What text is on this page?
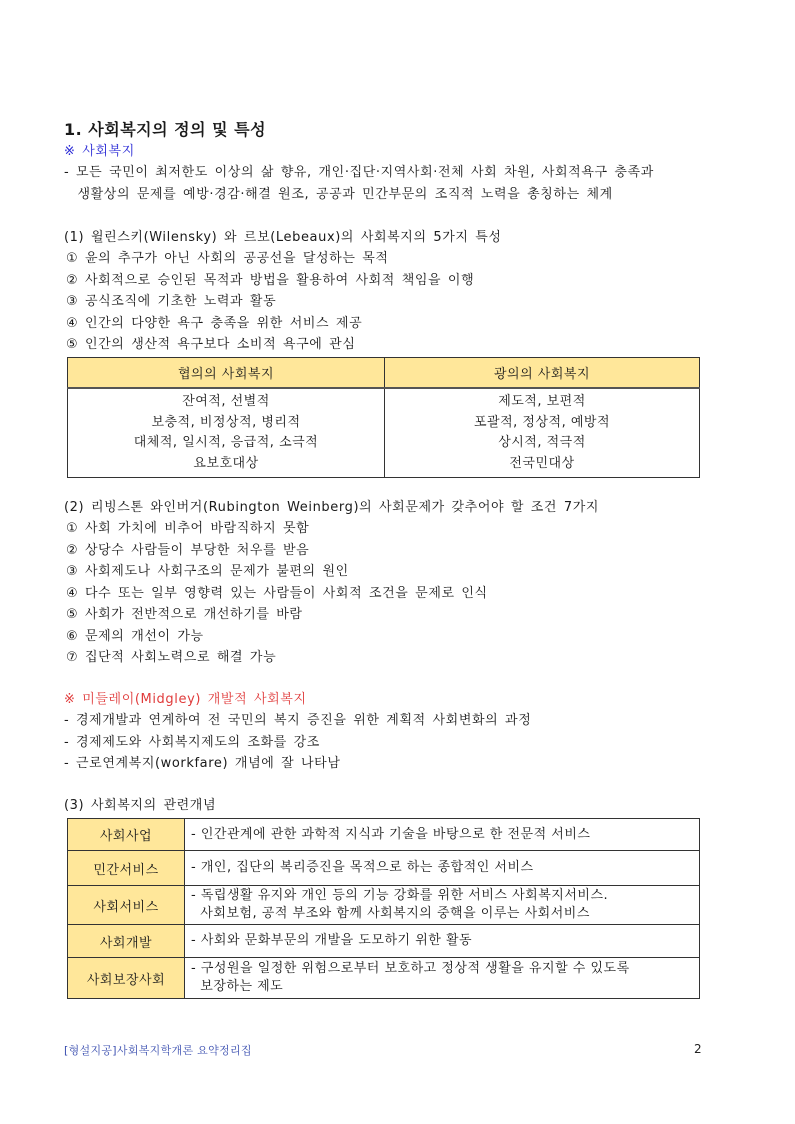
1. 사회복지의 정의 및 특성
※ 사회복지
- 모든 국민이 최저한도 이상의 삶 향유, 개인·집단·지역사회·전체 사회 차원, 사회적욕구 충족과
생활상의 문제를 예방·경감·해결 원조, 공공과 민간부문의 조직적 노력을 총칭하는 체계
(1) 윌린스키(Wilensky) 와 르보(Lebeaux)의 사회복지의 5가지 특성
① 윤의 추구가 아닌 사회의 공공선을 달성하는 목적
② 사회적으로 승인된 목적과 방법을 활용하여 사회적 책임을 이행
③ 공식조직에 기초한 노력과 활동
④ 인간의 다양한 욕구 충족을 위한 서비스 제공
⑤ 인간의 생산적 욕구보다 소비적 욕구에 관심
협의의 사회복지	광의의 사회복지

잔여적, 선별적
보충적, 비정상적, 병리적
대체적, 일시적, 응급적, 소극적
요보호대상

제도적, 보편적
포괄적, 정상적, 예방적
상시적, 적극적
전국민대상
(2) 리빙스톤 와인버거(Rubington Weinberg)의 사회문제가 갖추어야 할 조건 7가지
① 사회 가치에 비추어 바람직하지 못함
② 상당수 사람들이 부당한 처우를 받음
③ 사회제도나 사회구조의 문제가 불편의 원인
④ 다수 또는 일부 영향력 있는 사람들이 사회적 조건을 문제로 인식
⑤ 사회가 전반적으로 개선하기를 바람
⑥ 문제의 개선이 가능
⑦ 집단적 사회노력으로 해결 가능
※ 미들레이(Midgley) 개발적 사회복지
- 경제개발과 연계하여 전 국민의 복지 증진을 위한 계획적 사회변화의 과정
- 경제제도와 사회복지제도의 조화를 강조
- 근로연계복지(workfare) 개념에 잘 나타남
(3) 사회복지의 관련개념
사회사업	- 인간관계에 관한 과학적 지식과 기술을 바탕으로 한 전문적 서비스

민간서비스	- 개인, 집단의 복리증진을 목적으로 하는 종합적인 서비스

사회서비스	- 독립생활 유지와 개인 등의 기능 강화를 위한 서비스 사회복지서비스.
사회보험, 공적 부조와 함께 사회복지의 중핵을 이루는 사회서비스

사회개발	- 사회와 문화부문의 개발을 도모하기 위한 활동

사회보장사회	- 구성원을 일정한 위험으로부터 보호하고 정상적 생활을 유지할 수 있도록
보장하는 제도
[형설지공]사회복지학개론 요약정리집	2
